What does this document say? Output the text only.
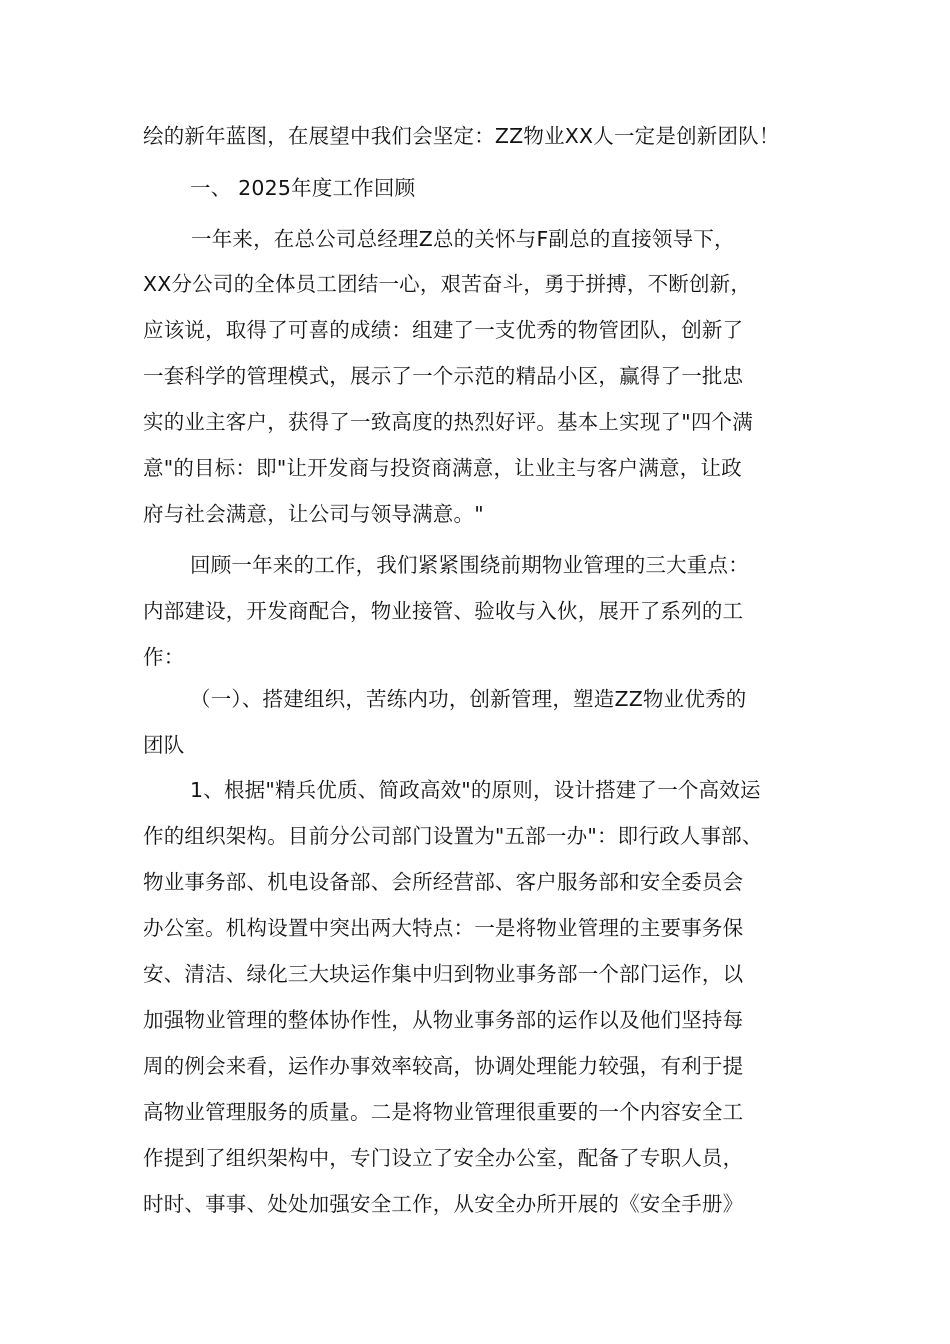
绘的新年蓝图，在展望中我们会坚定：ZZ物业XX人一定是创新团队！
一、 2025年度工作回顾
一年来，在总公司总经理Z总的关怀与F副总的直接领导下，
XX分公司的全体员工团结一心，艰苦奋斗，勇于拼搏，不断创新，
应该说，取得了可喜的成绩：组建了一支优秀的物管团队，创新了
一套科学的管理模式，展示了一个示范的精品小区，赢得了一批忠
实的业主客户，获得了一致高度的热烈好评。基本上实现了"四个满
意"的目标：即"让开发商与投资商满意，让业主与客户满意，让政
府与社会满意，让公司与领导满意。"
回顾一年来的工作，我们紧紧围绕前期物业管理的三大重点：
内部建设，开发商配合，物业接管、验收与入伙，展开了系列的工
作：
（一）、搭建组织，苦练内功，创新管理，塑造ZZ物业优秀的
团队
1、根据"精兵优质、简政高效"的原则，设计搭建了一个高效运
作的组织架构。目前分公司部门设置为"五部一办"：即行政人事部、
物业事务部、机电设备部、会所经营部、客户服务部和安全委员会
办公室。机构设置中突出两大特点：一是将物业管理的主要事务保
安、清洁、绿化三大块运作集中归到物业事务部一个部门运作，以
加强物业管理的整体协作性，从物业事务部的运作以及他们坚持每
周的例会来看，运作办事效率较高，协调处理能力较强，有利于提
高物业管理服务的质量。二是将物业管理很重要的一个内容安全工
作提到了组织架构中，专门设立了安全办公室，配备了专职人员，
时时、事事、处处加强安全工作，从安全办所开展的《安全手册》
